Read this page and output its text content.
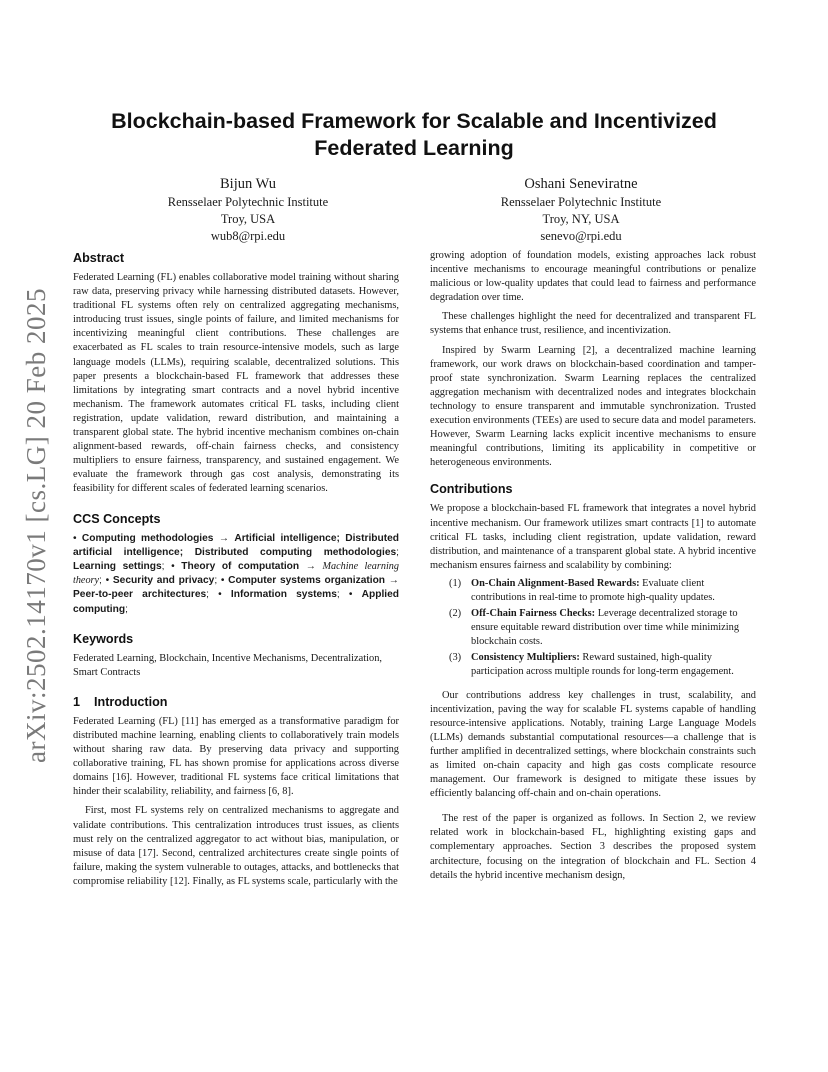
arXiv:2502.14170v1 [cs.LG] 20 Feb 2025
Blockchain-based Framework for Scalable and Incentivized
Federated Learning
Bijun Wu
Rensselaer Polytechnic Institute
Troy, USA
wub8@rpi.edu
Oshani Seneviratne
Rensselaer Polytechnic Institute
Troy, NY, USA
senevo@rpi.edu
Abstract

Federated Learning (FL) enables collaborative model training without sharing raw data, preserving privacy while harnessing distributed datasets. However, traditional FL systems often rely on centralized aggregating mechanisms, introducing trust issues, single points of failure, and limited mechanisms for incentivizing meaningful client contributions. These challenges are exacerbated as FL scales to train resource-intensive models, such as large language models (LLMs), requiring scalable, decentralized solutions. This paper presents a blockchain-based FL framework that addresses these limitations by integrating smart contracts and a novel hybrid incentive mechanism. The framework automates critical FL tasks, including client registration, update validation, reward distribution, and maintaining a transparent global state. The hybrid incentive mechanism combines on-chain alignment-based rewards, off-chain fairness checks, and consistency multipliers to ensure fairness, transparency, and sustained engagement. We evaluate the framework through gas cost analysis, demonstrating its feasibility for different scales of federated learning scenarios.

CCS Concepts
• Computing methodologies → Artificial intelligence; Distributed artificial intelligence; Distributed computing methodologies; Learning settings; • Theory of computation → Machine learning theory; • Security and privacy; • Computer systems organization → Peer-to-peer architectures; • Information systems; • Applied computing;
Keywords

Federated Learning, Blockchain, Incentive Mechanisms, Decentralization, Smart Contracts

1 Introduction

Federated Learning (FL) [11] has emerged as a transformative paradigm for distributed machine learning, enabling clients to collaboratively train models without sharing raw data. By preserving data privacy and supporting collaborative training, FL has shown promise for applications across diverse domains [16]. However, traditional FL systems face critical limitations that hinder their scalability, reliability, and fairness [6, 8].

First, most FL systems rely on centralized mechanisms to aggregate and validate contributions. This centralization introduces trust issues, as clients must rely on the centralized aggregator to act without bias, manipulation, or misuse of data [17]. Second, centralized architectures create single points of failure, making the system vulnerable to outages, attacks, and bottlenecks that compromise reliability [12]. Finally, as FL systems scale, particularly with the

growing adoption of foundation models, existing approaches lack robust incentive mechanisms to encourage meaningful contributions or penalize malicious or low-quality updates that could lead to fairness and performance degradation over time.

These challenges highlight the need for decentralized and transparent FL systems that enhance trust, resilience, and incentivization.

Inspired by Swarm Learning [2], a decentralized machine learning framework, our work draws on blockchain-based coordination and tamper-proof state synchronization. Swarm Learning replaces the centralized aggregation mechanism with decentralized nodes and integrates blockchain technology to ensure transparent and immutable synchronization. Trusted execution environments (TEEs) are used to secure data and model parameters. However, Swarm Learning lacks explicit incentive mechanisms to ensure meaningful contributions, limiting its applicability in competitive or heterogeneous environments.

Contributions

We propose a blockchain-based FL framework that integrates a novel hybrid incentive mechanism. Our framework utilizes smart contracts [1] to automate critical FL tasks, including client registration, update validation, reward distribution, and maintenance of a transparent global state. A hybrid incentive mechanism ensures fairness and scalability by combining:

(1) On-Chain Alignment-Based Rewards: Evaluate client contributions in real-time to promote high-quality updates.
(2) Off-Chain Fairness Checks: Leverage decentralized storage to ensure equitable reward distribution over time while minimizing blockchain costs.
(3) Consistency Multipliers: Reward sustained, high-quality participation across multiple rounds for long-term engagement.

Our contributions address key challenges in trust, scalability, and incentivization, paving the way for scalable FL systems capable of handling resource-intensive applications. Notably, training Large Language Models (LLMs) demands substantial computational resources—a challenge that is further amplified in decentralized settings, where blockchain constraints such as limited on-chain capacity and high gas costs complicate resource management. Our framework is designed to mitigate these issues by efficiently balancing off-chain and on-chain operations.

The rest of the paper is organized as follows. In Section 2, we review related work in blockchain-based FL, highlighting existing gaps and complementary approaches. Section 3 describes the proposed system architecture, focusing on the integration of blockchain and FL. Section 4 details the hybrid incentive mechanism design,
